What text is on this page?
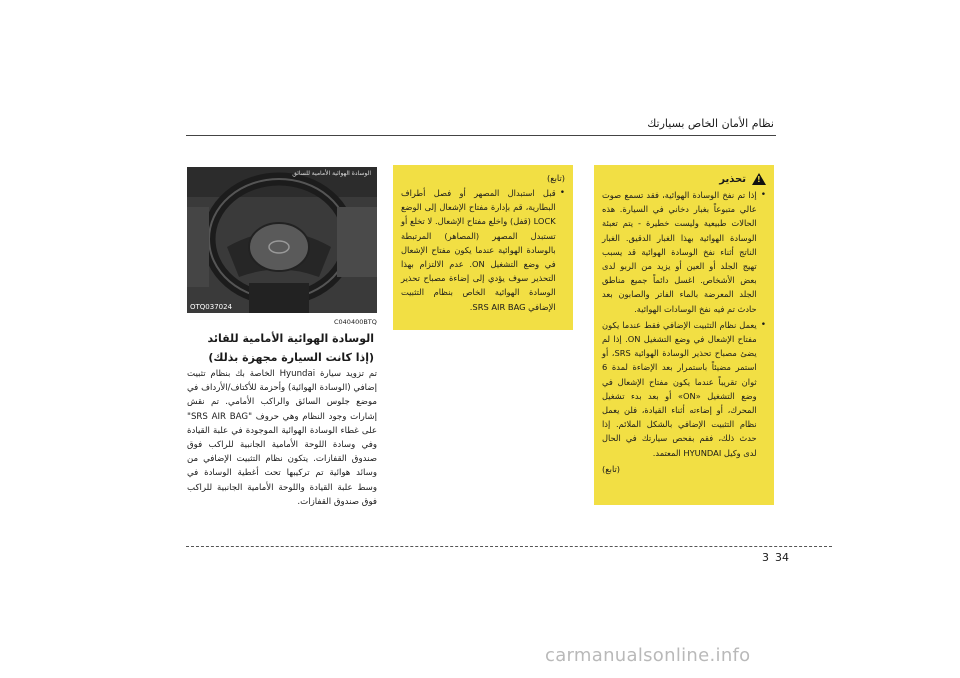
نظام الأمان الخاص بسيارتك
!
تحذير
•
إذا تم نفخ الوسادة الهوائية، فقد تسمع صوت عالي متبوعاً بغبار دخاني في السيارة. هذه الحالات طبيعية وليست خطيرة - يتم تعبئة الوسادة الهوائية بهذا الغبار الدقيق. الغبار الناتج أثناء نفخ الوسادة الهوائية قد يسبب تهيج الجلد أو العين أو يزيد من الربو لدى بعض الأشخاص. اغسل دائماً جميع مناطق الجلد المعرضة بالماء الفاتر والصابون بعد حادث تم فيه نفخ الوسادات الهوائية.
•
يعمل نظام التثبيت الإضافي فقط عندما يكون مفتاح الإشعال في وضع التشغيل ON. إذا لم يضئ مصباح تحذير الوسادة الهوائية SRS، أو استمر مضيئاً باستمرار بعد الإضاءة لمدة 6 ثوان تقريباً عندما يكون مفتاح الإشعال في وضع التشغيل «ON» أو بعد بدء تشغيل المحرك، أو إضاءته أثناء القيادة، فلن يعمل نظام التثبيت الإضافي بالشكل الملائم. إذا حدث ذلك، فقم بفحص سيارتك في الحال لدى وكيل HYUNDAI المعتمد.
(تابع)
(تابع)
•
قبل استبدال المصهر أو فصل أطراف البطارية، قم بإدارة مفتاح الإشعال إلى الوضع LOCK (قفل) واخلع مفتاح الإشعال. لا تخلع أو تستبدل المصهر (المصاهر) المرتبطة بالوسادة الهوائية عندما يكون مفتاح الإشعال في وضع التشغيل ON. عدم الالتزام بهذا التحذير سوف يؤدي إلى إضاءة مصباح تحذير الوسادة الهوائية الخاص بنظام التثبيت الإضافي SRS AIR BAG.
الوسادة الهوائية الأمامية للسائق
OTQ037024
C040400BTQ
الوسادة الهوائية الأمامية للقائد
(إذا كانت السيارة مجهزة بذلك)
تم تزويد سيارة Hyundai الخاصة بك بنظام تثبيت إضافي (الوسادة الهوائية) وأحزمة للأكتاف/الأرداف في موضع جلوس السائق والراكب الأمامي. تم نقش إشارات وجود النظام وهي حروف "SRS AIR BAG" على غطاء الوسادة الهوائية الموجودة في علبة القيادة وفي وسادة اللوحة الأمامية الجانبية للراكب فوق صندوق القفازات. يتكون نظام التثبيت الإضافي من وسائد هوائية تم تركيبها تحت أغطية الوسادة في وسط علبة القيادة واللوحة الأمامية الجانبية للراكب فوق صندوق القفازات.
3 34
carmanualsonline.info
